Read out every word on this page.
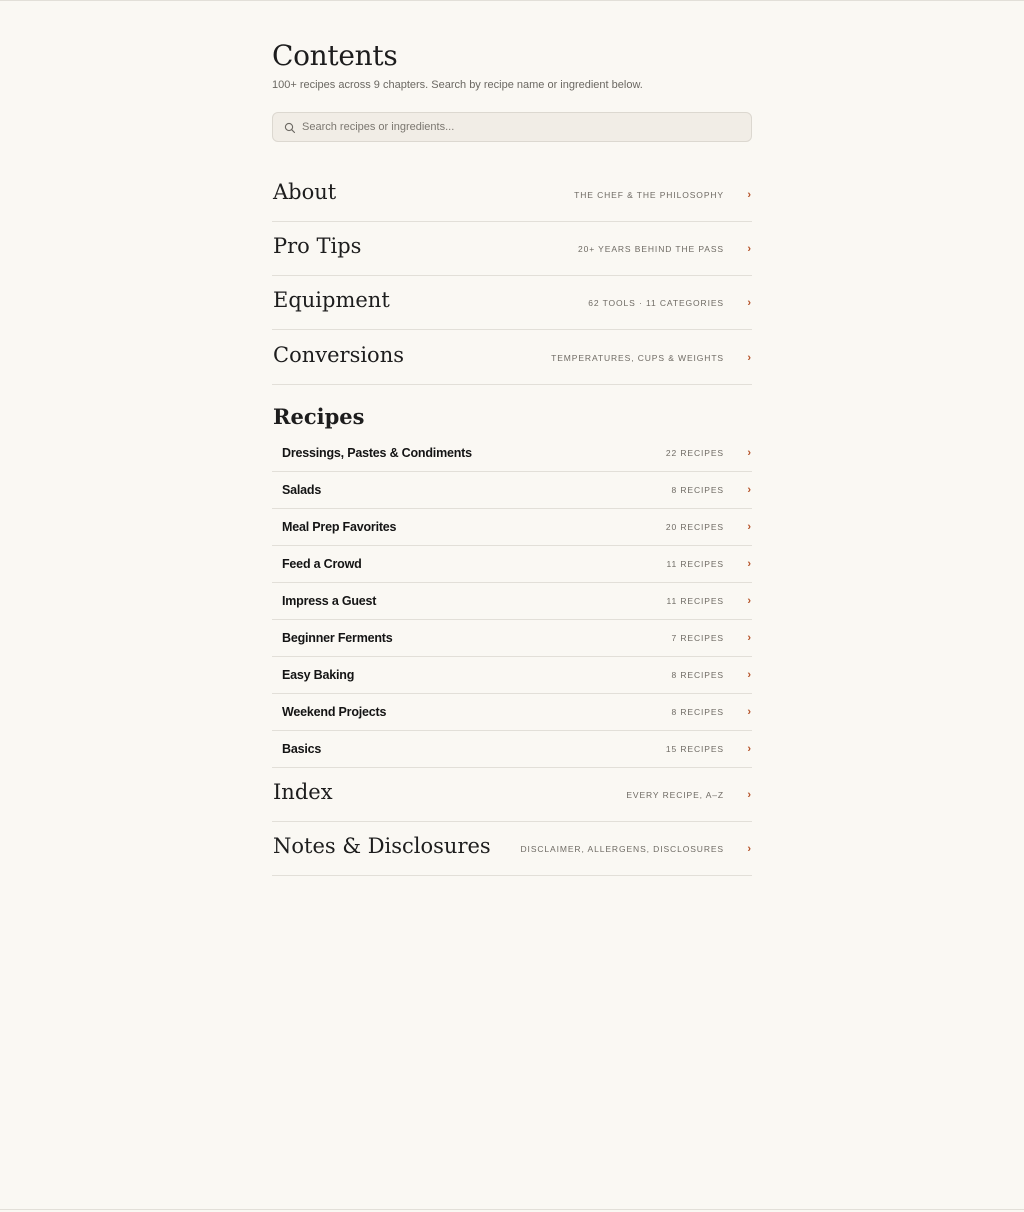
Contents

100+ recipes across 9 chapters. Search by recipe name or ingredient below.

Search recipes or ingredients...
About	THE CHEF & THE PHILOSOPHY	›
Pro Tips	20+ YEARS BEHIND THE PASS	›
Equipment	62 TOOLS · 11 CATEGORIES	›
Conversions	TEMPERATURES, CUPS & WEIGHTS	›
Recipes
Dressings, Pastes & Condiments	22 RECIPES	›
Salads	8 RECIPES	›
Meal Prep Favorites	20 RECIPES	›
Feed a Crowd	11 RECIPES	›
Impress a Guest	11 RECIPES	›
Beginner Ferments	7 RECIPES	›
Easy Baking	8 RECIPES	›
Weekend Projects	8 RECIPES	›
Basics	15 RECIPES	›
Index	EVERY RECIPE, A–Z	›
Notes & Disclosures	DISCLAIMER, ALLERGENS, DISCLOSURES	›
